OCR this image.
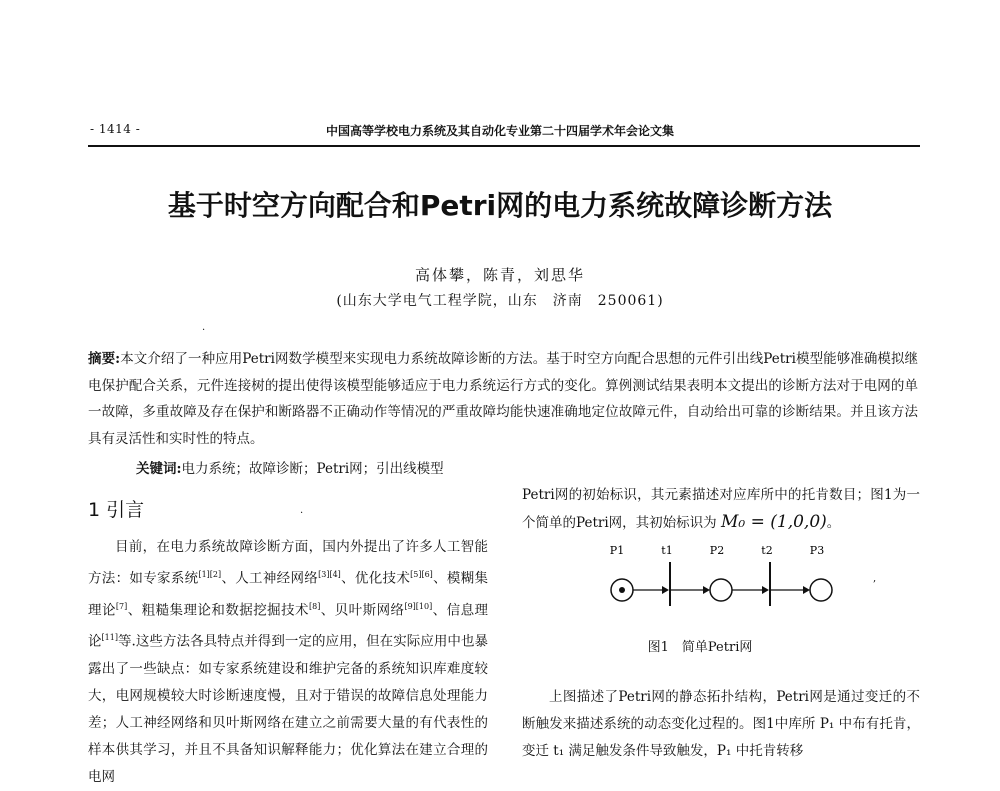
- 1414 -	中国高等学校电力系统及其自动化专业第二十四届学术年会论文集
基于时空方向配合和Petri网的电力系统故障诊断方法
高体攀，陈青，刘思华
(山东大学电气工程学院，山东　济南　250061)
.
摘要:本文介绍了一种应用Petri网数学模型来实现电力系统故障诊断的方法。基于时空方向配合思想的元件引出线Petri模型能够准确模拟继电保护配合关系，元件连接树的提出使得该模型能够适应于电力系统运行方式的变化。算例测试结果表明本文提出的诊断方法对于电网的单一故障，多重故障及存在保护和断路器不正确动作等情况的严重故障均能快速准确地定位故障元件，自动给出可靠的诊断结果。并且该方法具有灵活性和实时性的特点。
关键词:电力系统；故障诊断；Petri网；引出线模型
1 引言	.

目前，在电力系统故障诊断方面，国内外提出了许多人工智能方法：如专家系统[1][2]、人工神经网络[3][4]、优化技术[5][6]、模糊集理论[7]、粗糙集理论和数据挖掘技术[8]、贝叶斯网络[9][10]、信息理论[11]等.这些方法各具特点并得到一定的应用，但在实际应用中也暴露出了一些缺点：如专家系统建设和维护完备的系统知识库难度较大，电网规模较大时诊断速度慢，且对于错误的故障信息处理能力差；人工神经网络和贝叶斯网络在建立之前需要大量的有代表性的样本供其学习，并且不具备知识解释能力；优化算法在建立合理的电网

Petri网的初始标识，其元素描述对应库所中的托肯数目；图1为一个简单的Petri网，其初始标识为 M₀ = (1,0,0)。

P1	t1	P2	t2	P3
,
图1　简单Petri网

上图描述了Petri网的静态拓扑结构，Petri网是通过变迁的不断触发来描述系统的动态变化过程的。图1中库所 P₁ 中布有托肯，变迁 t₁ 满足触发条件导致触发，P₁ 中托肯转移
